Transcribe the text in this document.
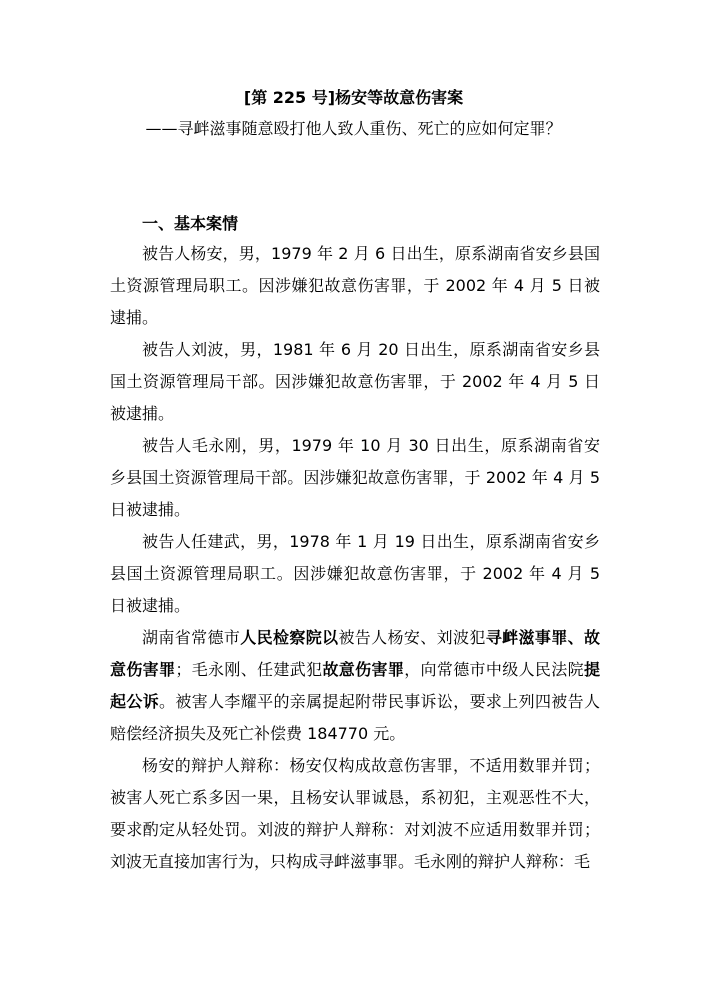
[第 225 号]杨安等故意伤害案
——寻衅滋事随意殴打他人致人重伤、死亡的应如何定罪？
一、基本案情

被告人杨安，男，1979 年 2 月 6 日出生，原系湖南省安乡县国土资源管理局职工。因涉嫌犯故意伤害罪，于 2002 年 4 月 5 日被逮捕。

被告人刘波，男，1981 年 6 月 20 日出生，原系湖南省安乡县国土资源管理局干部。因涉嫌犯故意伤害罪，于 2002 年 4 月 5 日被逮捕。

被告人毛永刚，男，1979 年 10 月 30 日出生，原系湖南省安乡县国土资源管理局干部。因涉嫌犯故意伤害罪，于 2002 年 4 月 5 日被逮捕。

被告人任建武，男，1978 年 1 月 19 日出生，原系湖南省安乡县国土资源管理局职工。因涉嫌犯故意伤害罪，于 2002 年 4 月 5 日被逮捕。

湖南省常德市人民检察院以被告人杨安、刘波犯寻衅滋事罪、故意伤害罪；毛永刚、任建武犯故意伤害罪，向常德市中级人民法院提起公诉。被害人李耀平的亲属提起附带民事诉讼，要求上列四被告人赔偿经济损失及死亡补偿费 184770 元。

杨安的辩护人辩称：杨安仅构成故意伤害罪，不适用数罪并罚；被害人死亡系多因一果，且杨安认罪诚恳，系初犯，主观恶性不大，要求酌定从轻处罚。刘波的辩护人辩称：对刘波不应适用数罪并罚；刘波无直接加害行为，只构成寻衅滋事罪。毛永刚的辩护人辩称：毛
